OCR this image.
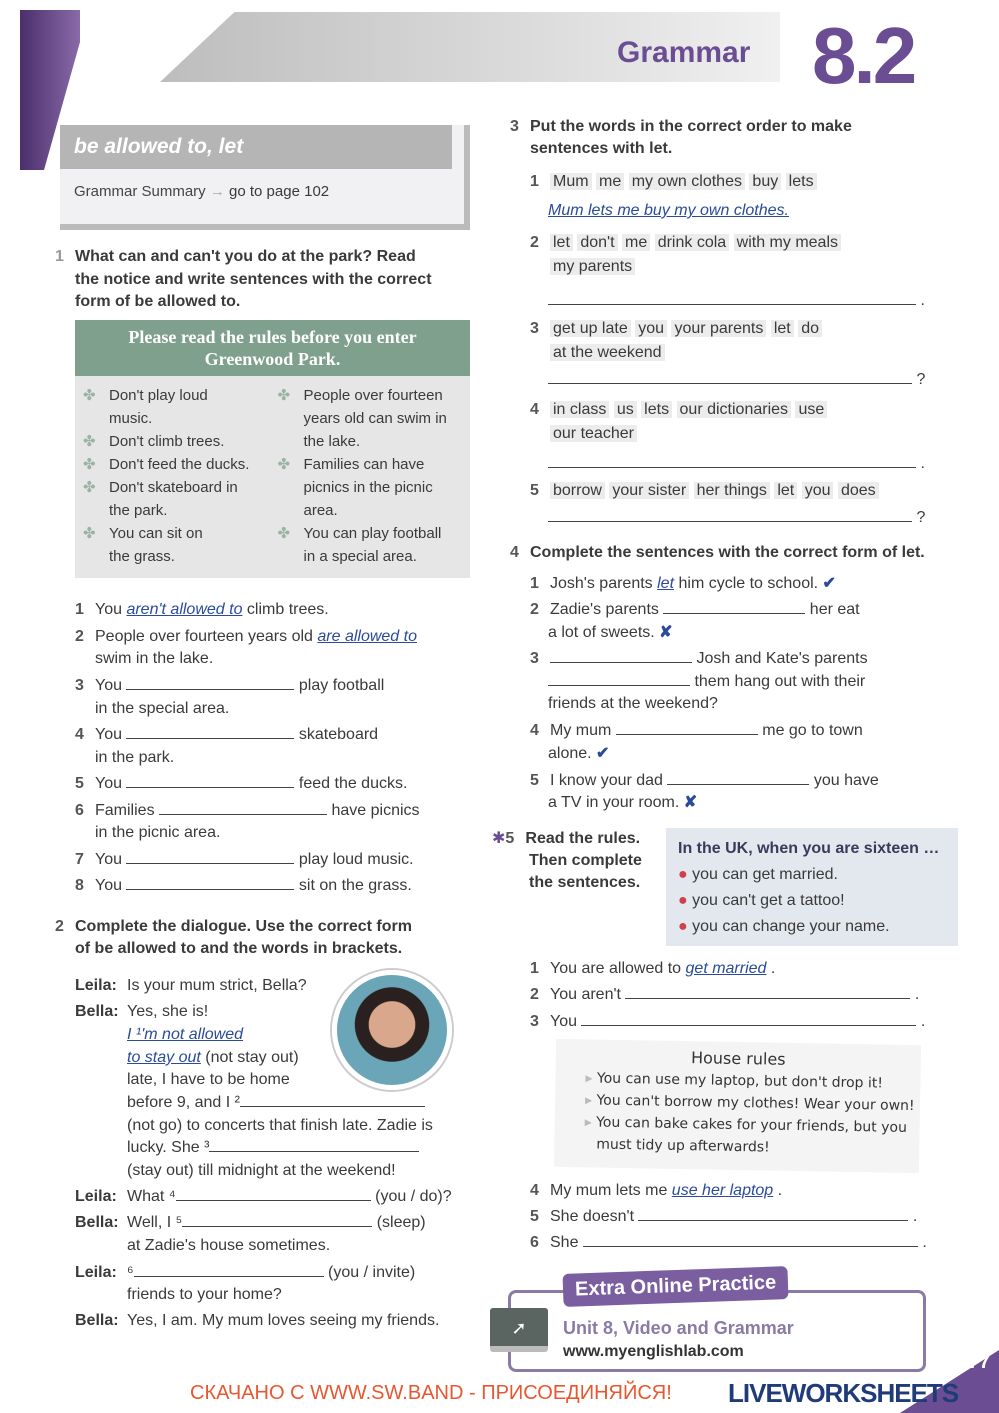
Grammar 8.2
be allowed to, let
Grammar Summary → go to page 102
1 What can and can't you do at the park? Read
the notice and write sentences with the correct
form of be allowed to.
Please read the rules before you enter
Greenwood Park.
✤ Don't play loud music.
✤ Don't climb trees.
✤ Don't feed the ducks.
✤ Don't skateboard in the park.
✤ You can sit on the grass.
✤ People over fourteen years old can swim in the lake.
✤ Families can have picnics in the picnic area.
✤ You can play football in a special area.
1 You aren't allowed to climb trees.
2 People over fourteen years old are allowed to
swim in the lake.
3 You	play football
in the special area.
4 You	skateboard
in the park.
5 You	feed the ducks.
6 Families	have picnics
in the picnic area.
7 You	play loud music.
8 You	sit on the grass.
2 Complete the dialogue. Use the correct form
of be allowed to and the words in brackets.
Leila: Is your mum strict, Bella?
Bella: Yes, she is!
I ¹'m not allowed
to stay out (not stay out)
late, I have to be home
before 9, and I ²
(not go) to concerts that finish late. Zadie is
lucky. She ³
(stay out) till midnight at the weekend!
Leila: What ⁴	(you / do)?
Bella: Well, I ⁵	(sleep)
at Zadie's house sometimes.
Leila: ⁶	(you / invite)
friends to your home?
Bella: Yes, I am. My mum loves seeing my friends.
3 Put the words in the correct order to make
sentences with let.
1 Mum me my own clothes buy lets
Mum lets me buy my own clothes.
2 let don't me drink cola with my meals
my parents
.
3 get up late you your parents let do
at the weekend
?
4 in class us lets our dictionaries use
our teacher
.
5 borrow your sister her things let you does
?
4 Complete the sentences with the correct form of let.
1 Josh's parents let him cycle to school. ✔
2 Zadie's parents	her eat
a lot of sweets. ✘
3	Josh and Kate's parents
them hang out with their
friends at the weekend?
4 My mum	me go to town
alone. ✔
5 I know your dad	you have
a TV in your room. ✘
✱5 Read the rules.
Then complete
the sentences.
In the UK, when you are sixteen …
● you can get married.
● you can't get a tattoo!
● you can change your name.
1 You are allowed to get married .
2 You aren't	.
3 You	.
House rules
▸ You can use my laptop, but don't drop it!
▸ You can't borrow my clothes! Wear your own!
▸ You can bake cakes for your friends, but you
must tidy up afterwards!
4 My mum lets me use her laptop .
5 She doesn't	.
6 She	.
Extra Online Practice
➚	Unit 8, Video and Grammar
www.myenglishlab.com
СКАЧАНО С WWW.SW.BAND - ПРИСОЕДИНЯЙСЯ!
77
LIVEWORKSHEETS
